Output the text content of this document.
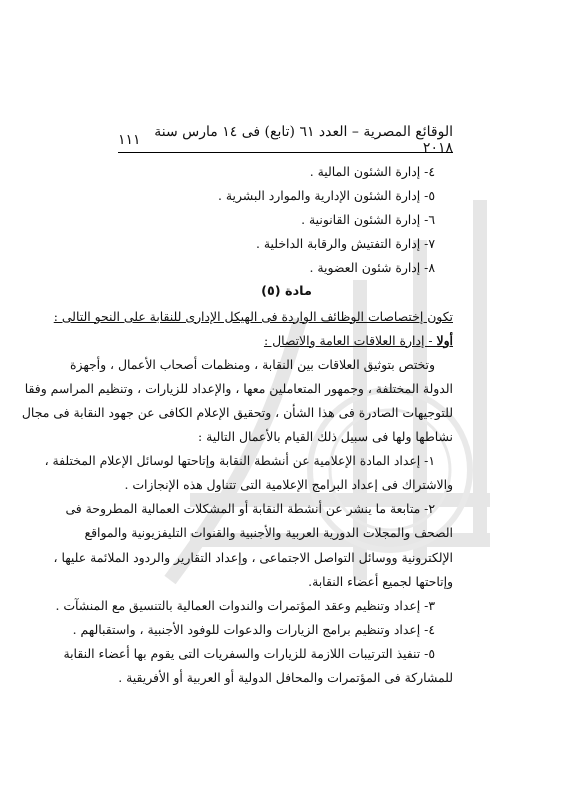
الوقائع المصرية – العدد ٦١ (تابع) فى ١٤ مارس سنة ٢٠١٨
١١١
٤- إدارة الشئون المالية .
٥- إدارة الشئون الإدارية والموارد البشرية .
٦- إدارة الشئون القانونية .
٧- إدارة التفتيش والرقابة الداخلية .
٨- إدارة شئون العضوية .
مادة (٥)
تكون إختصاصات الوظائف الواردة فى الهيكل الإدارى للنقابة على النحو التالى :
أولا - إدارة العلاقات العامة والاتصال :
وتختص بتوثيق العلاقات بين النقابة ، ومنظمات أصحاب الأعمال ، وأجهزة
الدولة المختلفة ، وجمهور المتعاملين معها ، والإعداد للزيارات ، وتنظيم المراسم وفقا
للتوجيهات الصادرة فى هذا الشأن ، وتحقيق الإعلام الكافى عن جهود النقابة فى مجال
نشاطها ولها فى سبيل ذلك القيام بالأعمال التالية :
١- إعداد المادة الإعلامية عن أنشطة النقابة وإتاحتها لوسائل الإعلام المختلفة ،
والاشتراك فى إعداد البرامج الإعلامية التى تتناول هذه الإنجازات .
٢- متابعة ما ينشر عن أنشطة النقابة أو المشكلات العمالية المطروحة فى
الصحف والمجلات الدورية العربية والأجنبية والقنوات التليفزيونية والمواقع
الإلكترونية ووسائل التواصل الاجتماعى ، وإعداد التقارير والردود الملائمة عليها ،
وإتاحتها لجميع أعضاء النقابة.
٣- إعداد وتنظيم وعقد المؤتمرات والندوات العمالية بالتنسيق مع المنشآت .
٤- إعداد وتنظيم برامج الزيارات والدعوات للوفود الأجنبية ، واستقبالهم .
٥- تنفيذ الترتيبات اللازمة للزيارات والسفريات التى يقوم بها أعضاء النقابة
للمشاركة فى المؤتمرات والمحافل الدولية أو العربية أو الأفريقية .
